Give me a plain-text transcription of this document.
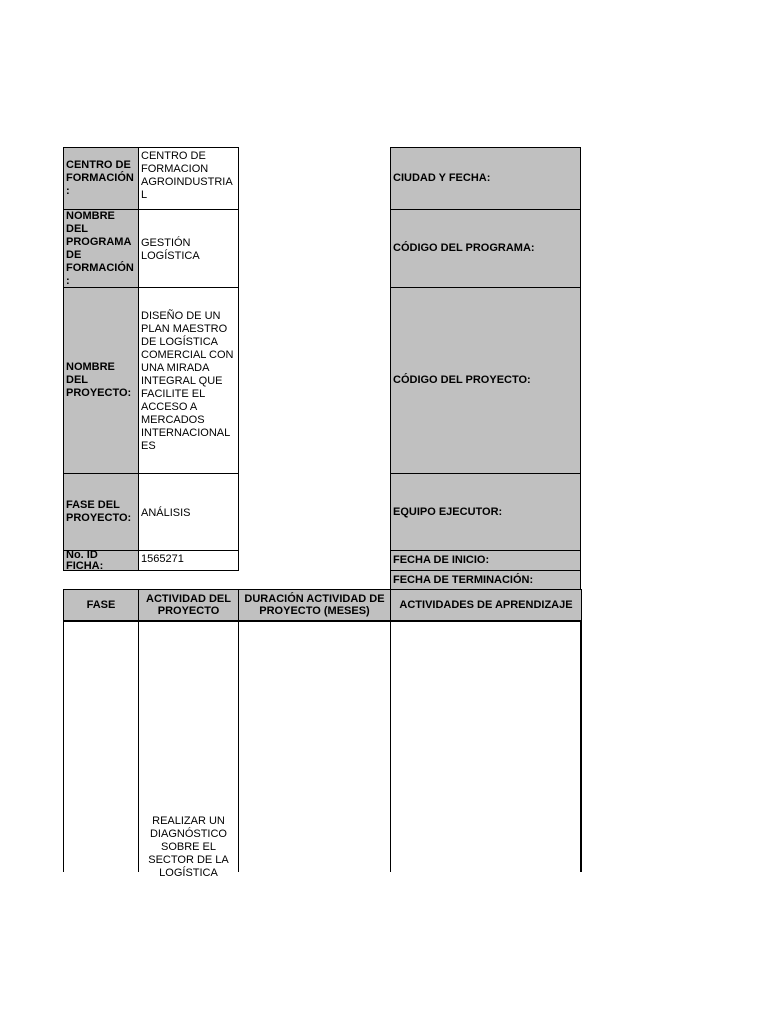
CENTRO DE FORMACIÓN :
CENTRO DE FORMACION AGROINDUSTRIAL
NOMBRE DEL PROGRAMA DE FORMACIÓN :
GESTIÓN LOGÍSTICA
NOMBRE DEL PROYECTO:
DISEÑO DE UN PLAN MAESTRO DE LOGÍSTICA COMERCIAL CON UNA MIRADA INTEGRAL QUE FACILITE EL ACCESO A MERCADOS INTERNACIONALES
FASE DEL PROYECTO: ANÁLISIS
No. ID FICHA:
1565271
CIUDAD Y FECHA:
CÓDIGO DEL PROGRAMA:
CÓDIGO DEL PROYECTO:
EQUIPO EJECUTOR:
FECHA DE INICIO:
FECHA DE TERMINACIÓN:
FASE	ACTIVIDAD DEL PROYECTO
DURACIÓN ACTIVIDAD DE PROYECTO (MESES)	ACTIVIDADES DE APRENDIZAJE
REALIZAR UN DIAGNÓSTICO SOBRE EL SECTOR DE LA LOGÍSTICA
